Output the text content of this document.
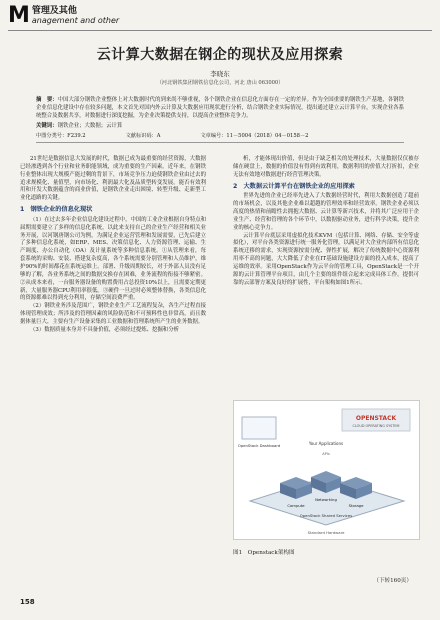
M 管理及其他
anagement and other
云计算大数据在钢企的现状及应用探索
李晓东
（河北钢铁集团钢铁信息化公司，河北 唐山 063000）
摘　要：中国大部分钢铁企业整体上对大数据时代的到来尚不够重视，各个钢铁企业在信息化方面存在一定的差异。作为全国重要的钢铁生产基地，各钢铁企业信息化建设中存在较多问题，本文首先对国内外云计算及大数据应用现状进行分析，结合钢铁企业实际情况，提出通过建立云计算平台，实现企业各系统整合及数据共享，对数据进行深度挖掘，为企业决策提供支持，以提高企业整体竞争力。
关键词：钢铁企业；大数据；云计算
中图分类号：F239.2	文献标识码：A	文章编号：11－5004（2018）04－0158－2

21世纪是数据信息大发展的时代，数据已成为最重要的经营资源，大数据已经渗透到各个行业和业务职能领域，成为重要的生产因素。近年来，在钢铁行业整体出现大规模产能过剩的背景下，市场竞争压力迫使钢铁企业由过去的追求规模化、量值型，向市场化、利润最大化及品质型转变发展。能否有效利用和开发大数据蕴含的商业价值，是钢铁企业走出困境、转型升级、走新型工业化道路的关键。

1　钢铁企业的信息化现状

（1）在过去多年企业信息化建设过程中，中国的工业企业根据自身特点和届期需要建立了多样的信息化系统，以此来支持自己的企业生产经营和相关业务开展，以河钢唐钢公司为例，为满足企业运营管理和发展需要，已先后建立了多种信息化系统，如ERP、MES、决策信息化、人力资源管理、运输、生产调度、办公自动化（OA）及计量系统等多种信息系统。①从管理来看，每套系统的采购、安装、搭建复杂度高，各个系统需要分别管理和人员维护，维护90%的时间都花在系统运维上。部署、升级周期较长，对于外部人员没有足够的了解，各业务系统之间的数据交换存在困难，业务流程的衔接不够紧密。②从成本来看，一台服务器设备的购置费用占总投资10%以上，且需要定期更新，大量服务器CPU利用率很低。③硬件一旦过时必须整体替换，各类信息化的资源都难以得到充分利用，存储空间浪费严重。

（2）钢铁业务涉及范围广，钢铁企业生产工艺流程复杂，各生产过程直接体现管理成效；所涉及的管理因素的风险防范和不可预料性也非常高，而且数据体量巨大，主要有生产设备采集的工业数据和管理系统所产生的业务数据。

（3）数据质量本身并不具备价值，必须经过提炼、挖掘和分析

析，才能体现出价值，但是由于缺乏相关的处理技术，大量数据仅仅被存储在硬盘上，数据的价值没有得到有效利用，数据利用的价值大打折扣，企业无法有效地对数据进行经营管理决策。

2　大数据云计算平台在钢铁企业的应用探索

世界先进的企业已经率先进入了大数据经营时代，利用大数据创造了超前的市场机会，以及其他企业难以超越的管理效率和经营效率。钢铁企业必须以高度的热情和前瞻性去拥抱大数据、云计算等新兴技术，并将其广泛应用于企业生产、经营和管理的各个环节中，以数据驱动业务，进行科学决策，提升企业的核心竞争力。

云计算平台底层采用虚拟化技术KVM（包括计算、网络、存储、安全等虚拟化），对平台各类资源进行统一服务化管理，以满足对大企业内部所有信息化系统迁移的需求，实现资源按需分配、弹性扩展，解决了传统数据中心资源利用率不高的问题，大大降低了企业在IT基础设施建设方面的投入成本，提高了运维的效率。采用OpenStack作为云平台的管理工具，OpenStack是一个开源的云计算管理平台项目，由几个主要的组件组合起来完成具体工作，提供可靠的云部署方案及良好的扩展性，平台架构如图1所示。

OPENSTACK
CLOUD OPERATING SYSTEM
OpenStack Dashboard	Your Applications
APIs
Compute
Networking
Storage
OpenStack Shared Services
Standard Hardware
图1　Openstack架构图
（下转160页）
158
